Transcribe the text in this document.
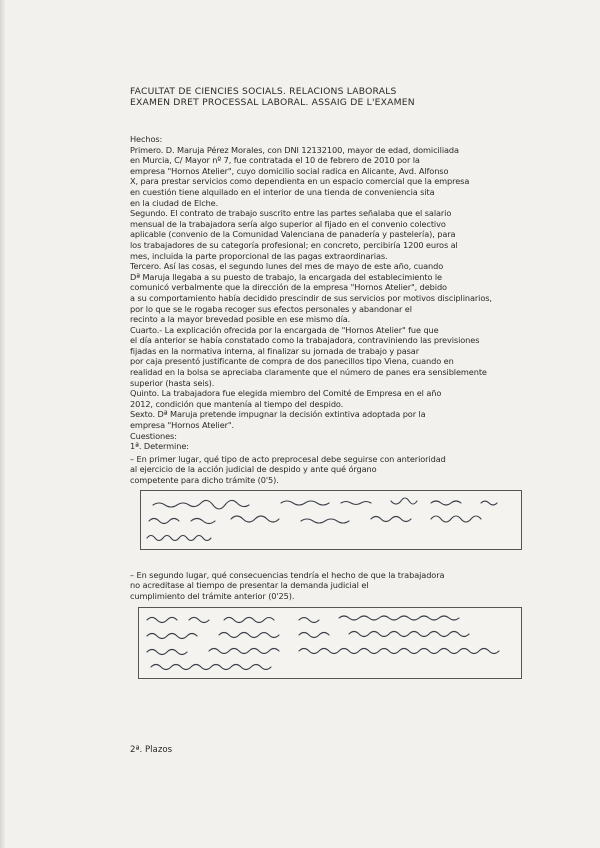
FACULTAT DE CIENCIES SOCIALS. RELACIONS LABORALS
EXAMEN DRET PROCESSAL LABORAL. ASSAIG DE L'EXAMEN
Hechos:

Primero. D. Maruja Pérez Morales, con DNI 12132100, mayor de edad, domiciliada
en Murcia, C/ Mayor nº 7, fue contratada el 10 de febrero de 2010 por la
empresa "Hornos Atelier", cuyo domicilio social radica en Alicante, Avd. Alfonso
X, para prestar servicios como dependienta en un espacio comercial que la empresa
en cuestión tiene alquilado en el interior de una tienda de conveniencia sita
en la ciudad de Elche.

Segundo. El contrato de trabajo suscrito entre las partes señalaba que el salario
mensual de la trabajadora sería algo superior al fijado en el convenio colectivo
aplicable (convenio de la Comunidad Valenciana de panadería y pastelería), para
los trabajadores de su categoría profesional; en concreto, percibiría 1200 euros al
mes, incluida la parte proporcional de las pagas extraordinarias.

Tercero. Así las cosas, el segundo lunes del mes de mayo de este año, cuando
Dª Maruja llegaba a su puesto de trabajo, la encargada del establecimiento le
comunicó verbalmente que la dirección de la empresa "Hornos Atelier", debido
a su comportamiento había decidido prescindir de sus servicios por motivos disciplinarios,
por lo que se le rogaba recoger sus efectos personales y abandonar el
recinto a la mayor brevedad posible en ese mismo día.

Cuarto.- La explicación ofrecida por la encargada de "Hornos Atelier" fue que
el día anterior se había constatado como la trabajadora, contraviniendo las previsiones
fijadas en la normativa interna, al finalizar su jornada de trabajo y pasar
por caja presentó justificante de compra de dos panecillos tipo Viena, cuando en
realidad en la bolsa se apreciaba claramente que el número de panes era sensiblemente
superior (hasta seis).

Quinto. La trabajadora fue elegida miembro del Comité de Empresa en el año
2012, condición que mantenía al tiempo del despido.

Sexto. Dª Maruja pretende impugnar la decisión extintiva adoptada por la
empresa "Hornos Atelier".

Cuestiones:
1ª. Determine:

– En primer lugar, qué tipo de acto preprocesal debe seguirse con anterioridad
al ejercicio de la acción judicial de despido y ante qué órgano
competente para dicho trámite (0'5).

– En segundo lugar, qué consecuencias tendría el hecho de que la trabajadora
no acreditase al tiempo de presentar la demanda judicial el
cumplimiento del trámite anterior (0'25).

2ª. Plazos
